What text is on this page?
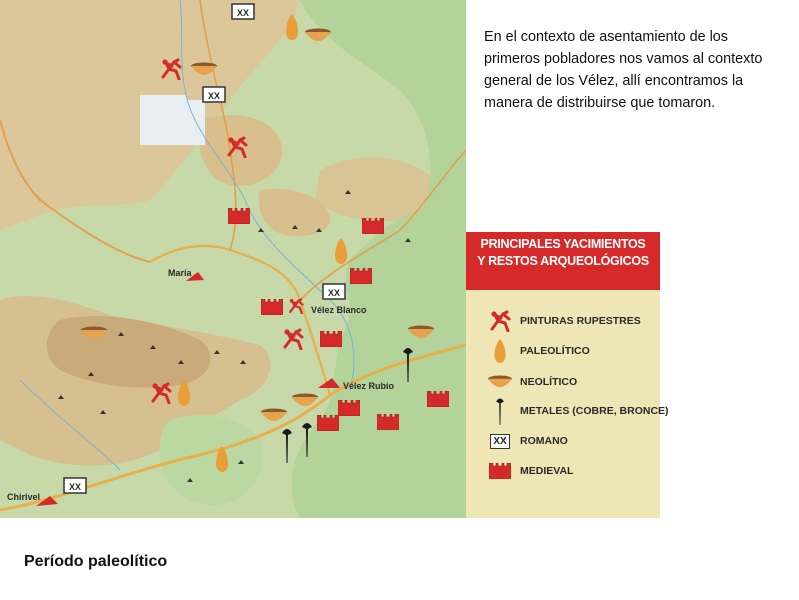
En el contexto de asentamiento de los primeros pobladores nos vamos al contexto general de los Vélez, allí encontramos la manera de distribuirse que tomaron.
XX
XX
XX
XX
María
Vélez Blanco
Vélez Rubio
Chirivel
PRINCIPALES YACIMIENTOS
Y RESTOS ARQUEOLÓGICOS
PINTURAS RUPESTRES
PALEOLÍTICO
NEOLÍTICO
METALES (COBRE, BRONCE)
XX ROMANO
MEDIEVAL
Período paleolítico
